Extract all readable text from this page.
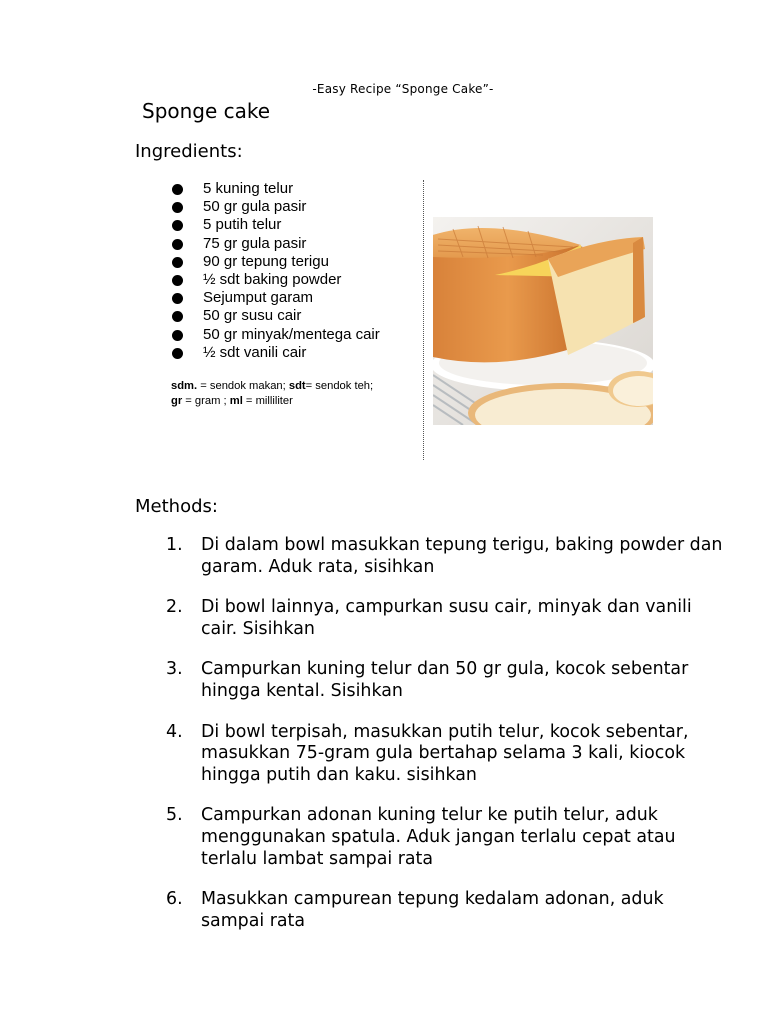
-Easy Recipe “Sponge Cake”-
Sponge cake
Ingredients:
5 kuning telur
50 gr gula pasir
5 putih telur
75 gr gula pasir
90 gr tepung terigu
½ sdt baking powder
Sejumput garam
50 gr susu cair
50 gr minyak/mentega cair
½ sdt vanili cair
sdm. = sendok makan; sdt= sendok teh;
gr = gram ; ml = milliliter
Methods:
1. Di dalam bowl masukkan tepung terigu, baking powder dan garam. Aduk rata, sisihkan
2. Di bowl lainnya, campurkan susu cair, minyak dan vanili cair. Sisihkan
3. Campurkan kuning telur dan 50 gr gula, kocok sebentar hingga kental. Sisihkan
4. Di bowl terpisah, masukkan putih telur, kocok sebentar, masukkan 75-gram gula bertahap selama 3 kali, kiocok hingga putih dan kaku. sisihkan
5. Campurkan adonan kuning telur ke putih telur, aduk menggunakan spatula. Aduk jangan terlalu cepat atau terlalu lambat sampai rata
6. Masukkan campurean tepung kedalam adonan, aduk sampai rata
